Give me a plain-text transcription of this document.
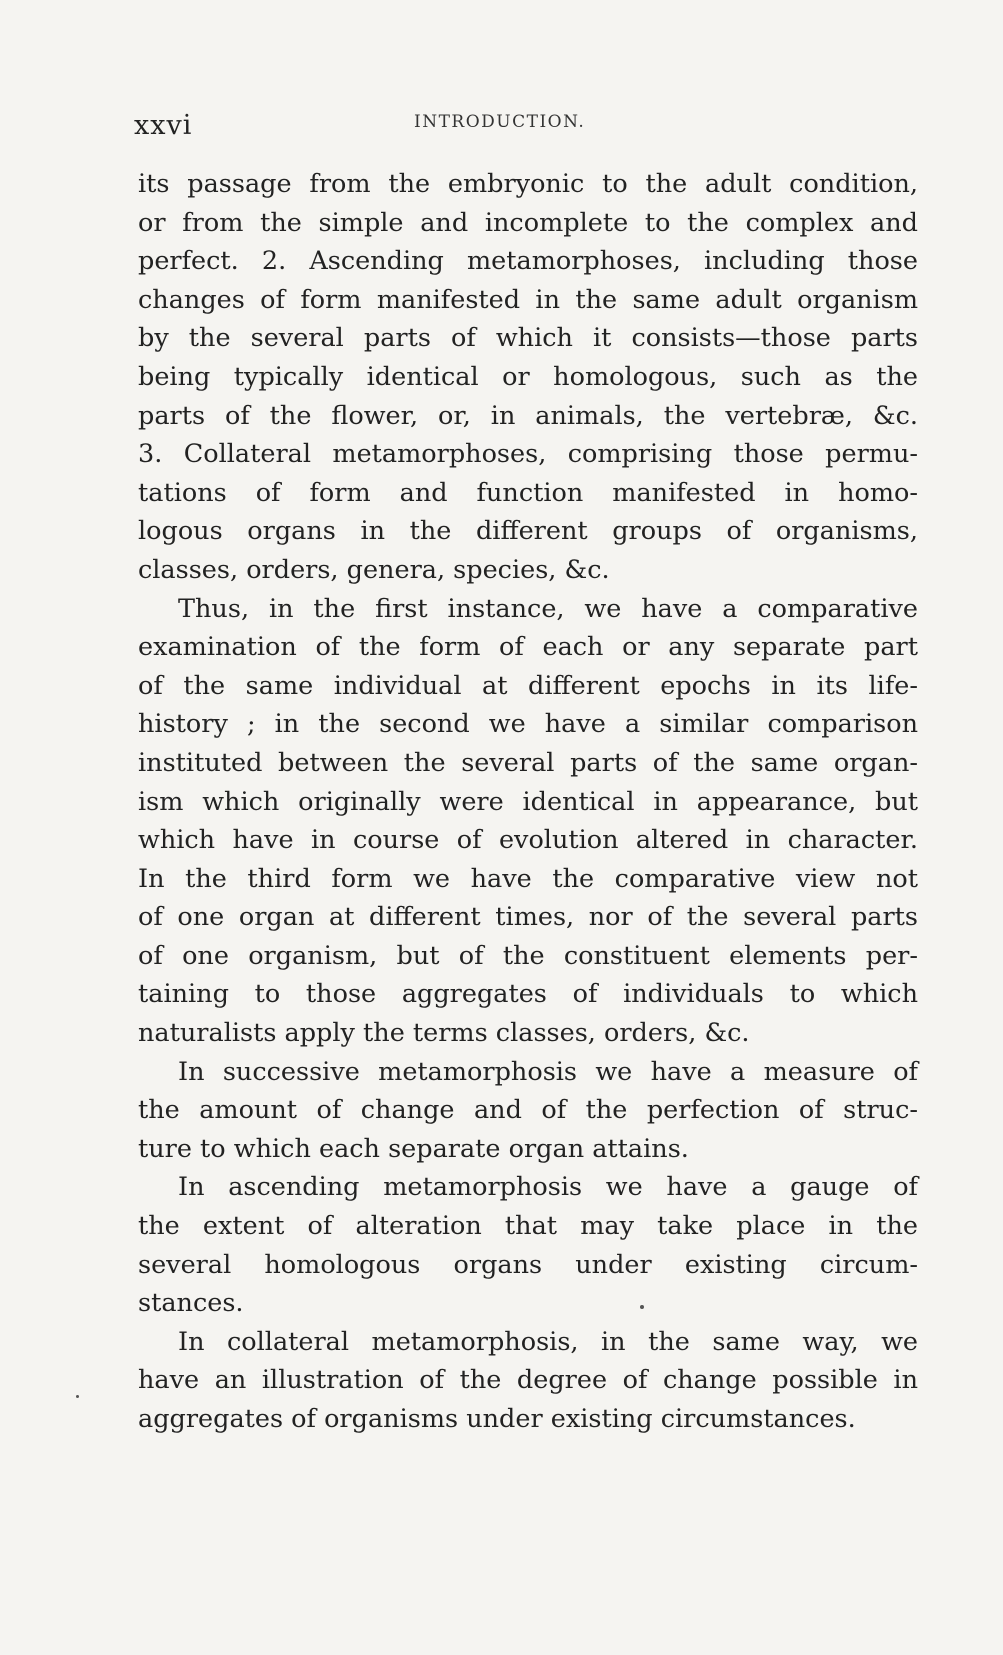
xxvi	INTRODUCTION.
its passage from the embryonic to the adult condition,
or from the simple and incomplete to the complex and
perfect. 2. Ascending metamorphoses, including those
changes of form manifested in the same adult organism
by the several parts of which it consists—those parts
being typically identical or homologous, such as the
parts of the flower, or, in animals, the vertebræ, &c.
3. Collateral metamorphoses, comprising those permu-
tations of form and function manifested in homo-
logous organs in the different groups of organisms,
classes, orders, genera, species, &c.
Thus, in the first instance, we have a comparative
examination of the form of each or any separate part
of the same individual at different epochs in its life-
history ; in the second we have a similar comparison
instituted between the several parts of the same organ-
ism which originally were identical in appearance, but
which have in course of evolution altered in character.
In the third form we have the comparative view not
of one organ at different times, nor of the several parts
of one organism, but of the constituent elements per-
taining to those aggregates of individuals to which
naturalists apply the terms classes, orders, &c.
In successive metamorphosis we have a measure of
the amount of change and of the perfection of struc-
ture to which each separate organ attains.
In ascending metamorphosis we have a gauge of
the extent of alteration that may take place in the
several homologous organs under existing circum-
stances.
In collateral metamorphosis, in the same way, we
have an illustration of the degree of change possible in
aggregates of organisms under existing circumstances.
